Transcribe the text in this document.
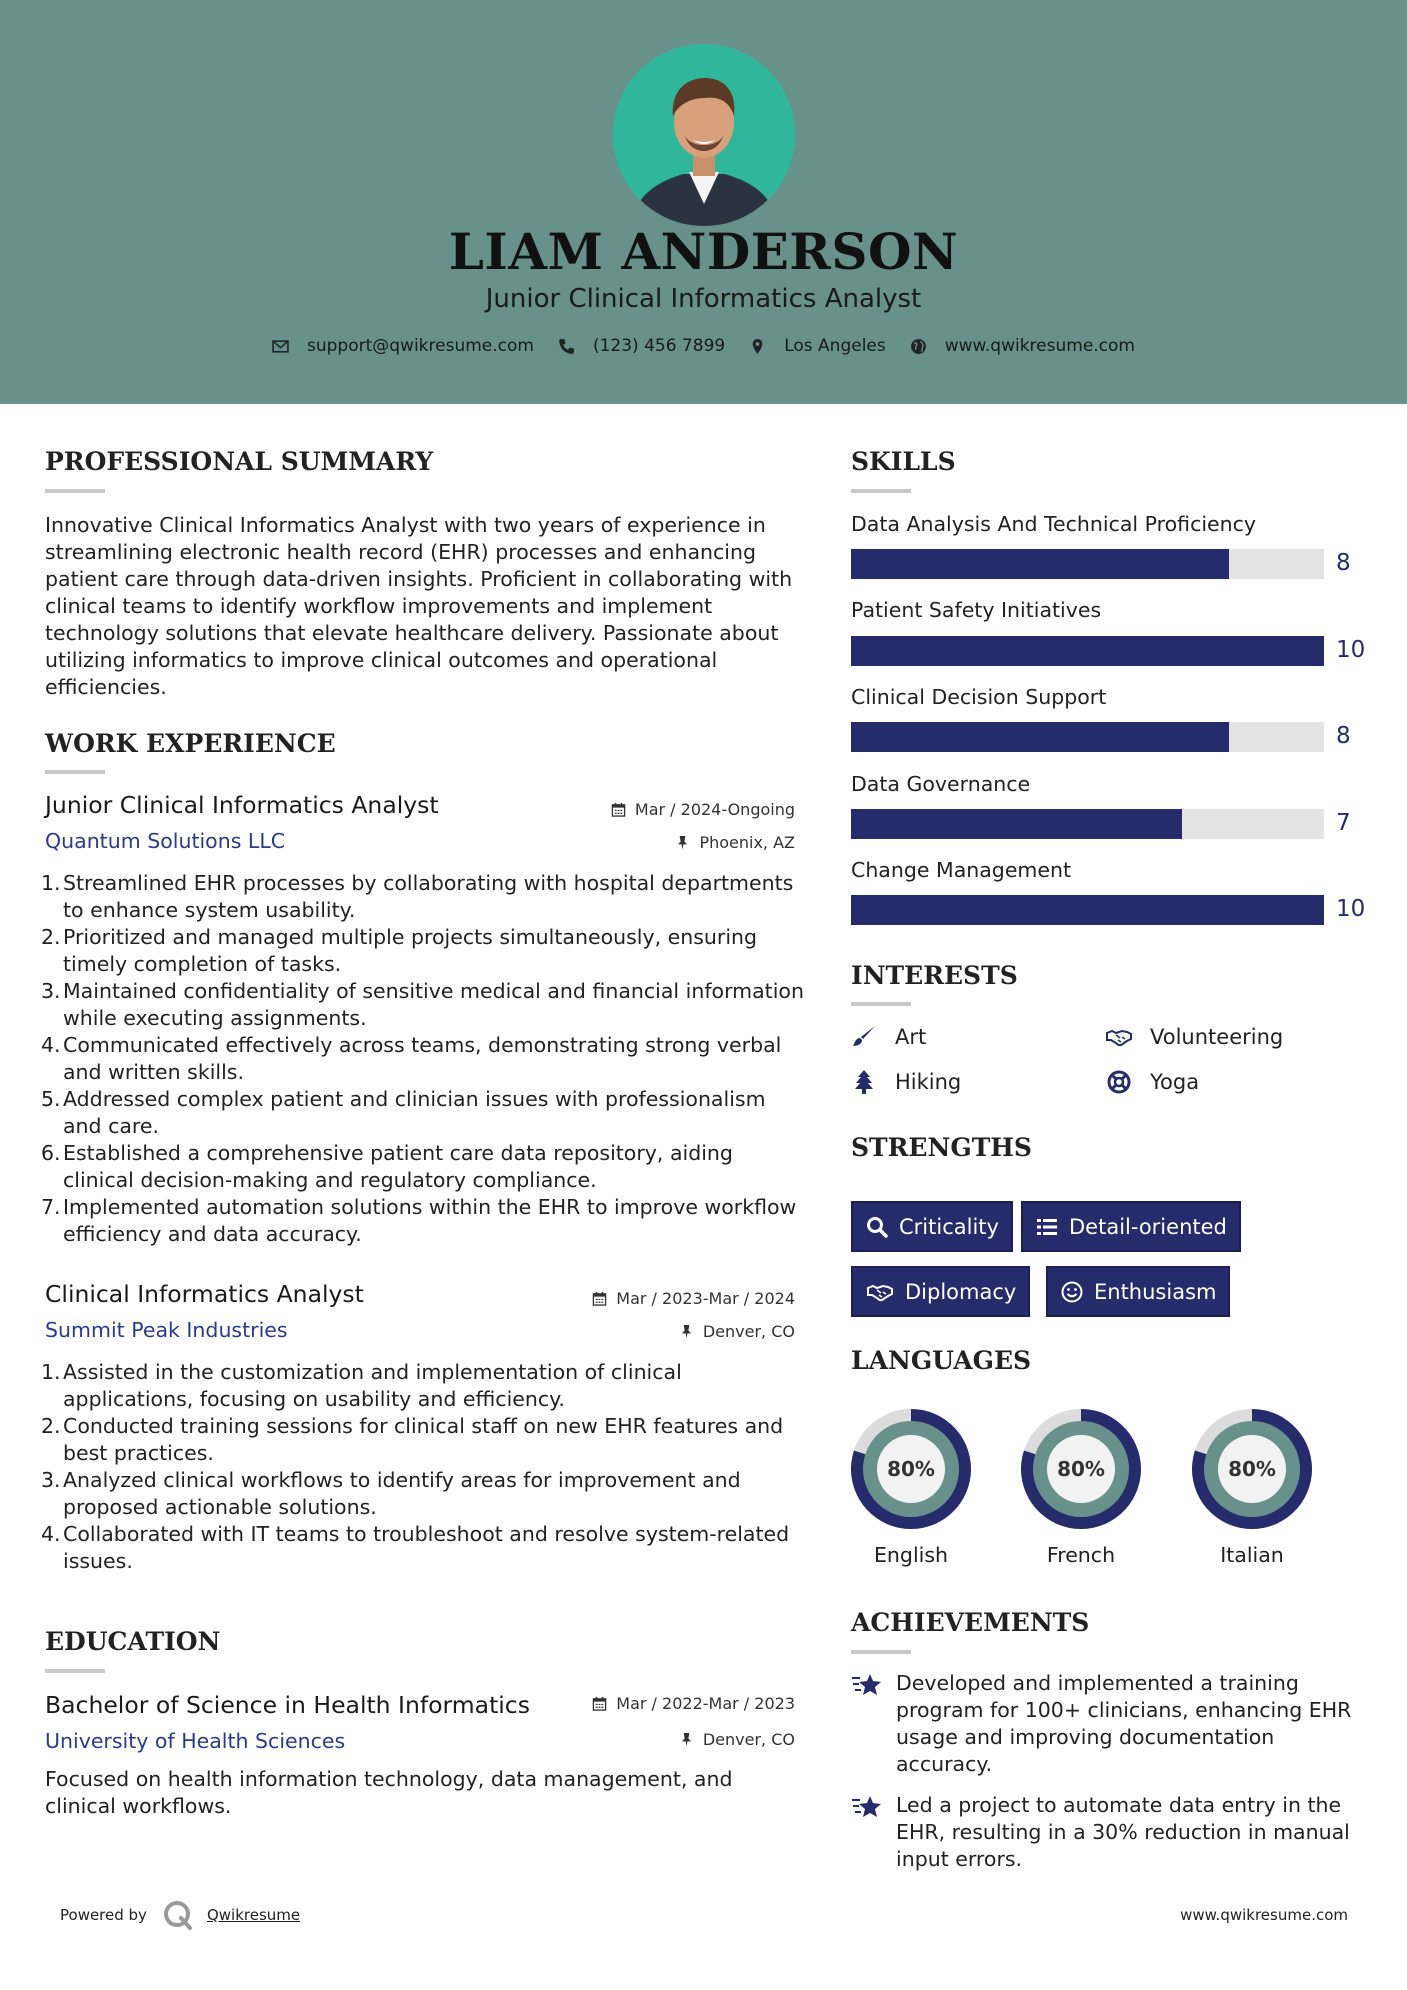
LIAM ANDERSON
Junior Clinical Informatics Analyst
support@qwikresume.com	(123) 456 7899	Los Angeles	www.qwikresume.com
PROFESSIONAL SUMMARY
Innovative Clinical Informatics Analyst with two years of experience in streamlining electronic health record (EHR) processes and enhancing patient care through data-driven insights. Proficient in collaborating with clinical teams to identify workflow improvements and implement technology solutions that elevate healthcare delivery. Passionate about utilizing informatics to improve clinical outcomes and operational efficiencies.
WORK EXPERIENCE
Junior Clinical Informatics Analyst	Mar / 2024-Ongoing
Quantum Solutions LLC	Phoenix, AZ
1. Streamlined EHR processes by collaborating with hospital departments to enhance system usability.
2. Prioritized and managed multiple projects simultaneously, ensuring timely completion of tasks.
3. Maintained confidentiality of sensitive medical and financial information while executing assignments.
4. Communicated effectively across teams, demonstrating strong verbal and written skills.
5. Addressed complex patient and clinician issues with professionalism and care.
6. Established a comprehensive patient care data repository, aiding clinical decision-making and regulatory compliance.
7. Implemented automation solutions within the EHR to improve workflow efficiency and data accuracy.
Clinical Informatics Analyst	Mar / 2023-Mar / 2024
Summit Peak Industries	Denver, CO
1. Assisted in the customization and implementation of clinical applications, focusing on usability and efficiency.
2. Conducted training sessions for clinical staff on new EHR features and best practices.
3. Analyzed clinical workflows to identify areas for improvement and proposed actionable solutions.
4. Collaborated with IT teams to troubleshoot and resolve system-related issues.
EDUCATION
Bachelor of Science in Health Informatics	Mar / 2022-Mar / 2023
University of Health Sciences	Denver, CO
Focused on health information technology, data management, and clinical workflows.
SKILLS
Data Analysis And Technical Proficiency
8
Patient Safety Initiatives
10
Clinical Decision Support
8
Data Governance
7
Change Management
10
INTERESTS
Art	Volunteering
Hiking	Yoga
STRENGTHS
Criticality	Detail-oriented
Diplomacy	Enthusiasm
LANGUAGES
80%
English
80%
French
80%
Italian
ACHIEVEMENTS
Developed and implemented a training program for 100+ clinicians, enhancing EHR usage and improving documentation accuracy.
Led a project to automate data entry in the EHR, resulting in a 30% reduction in manual input errors.
Powered by	Qwikresume	www.qwikresume.com
